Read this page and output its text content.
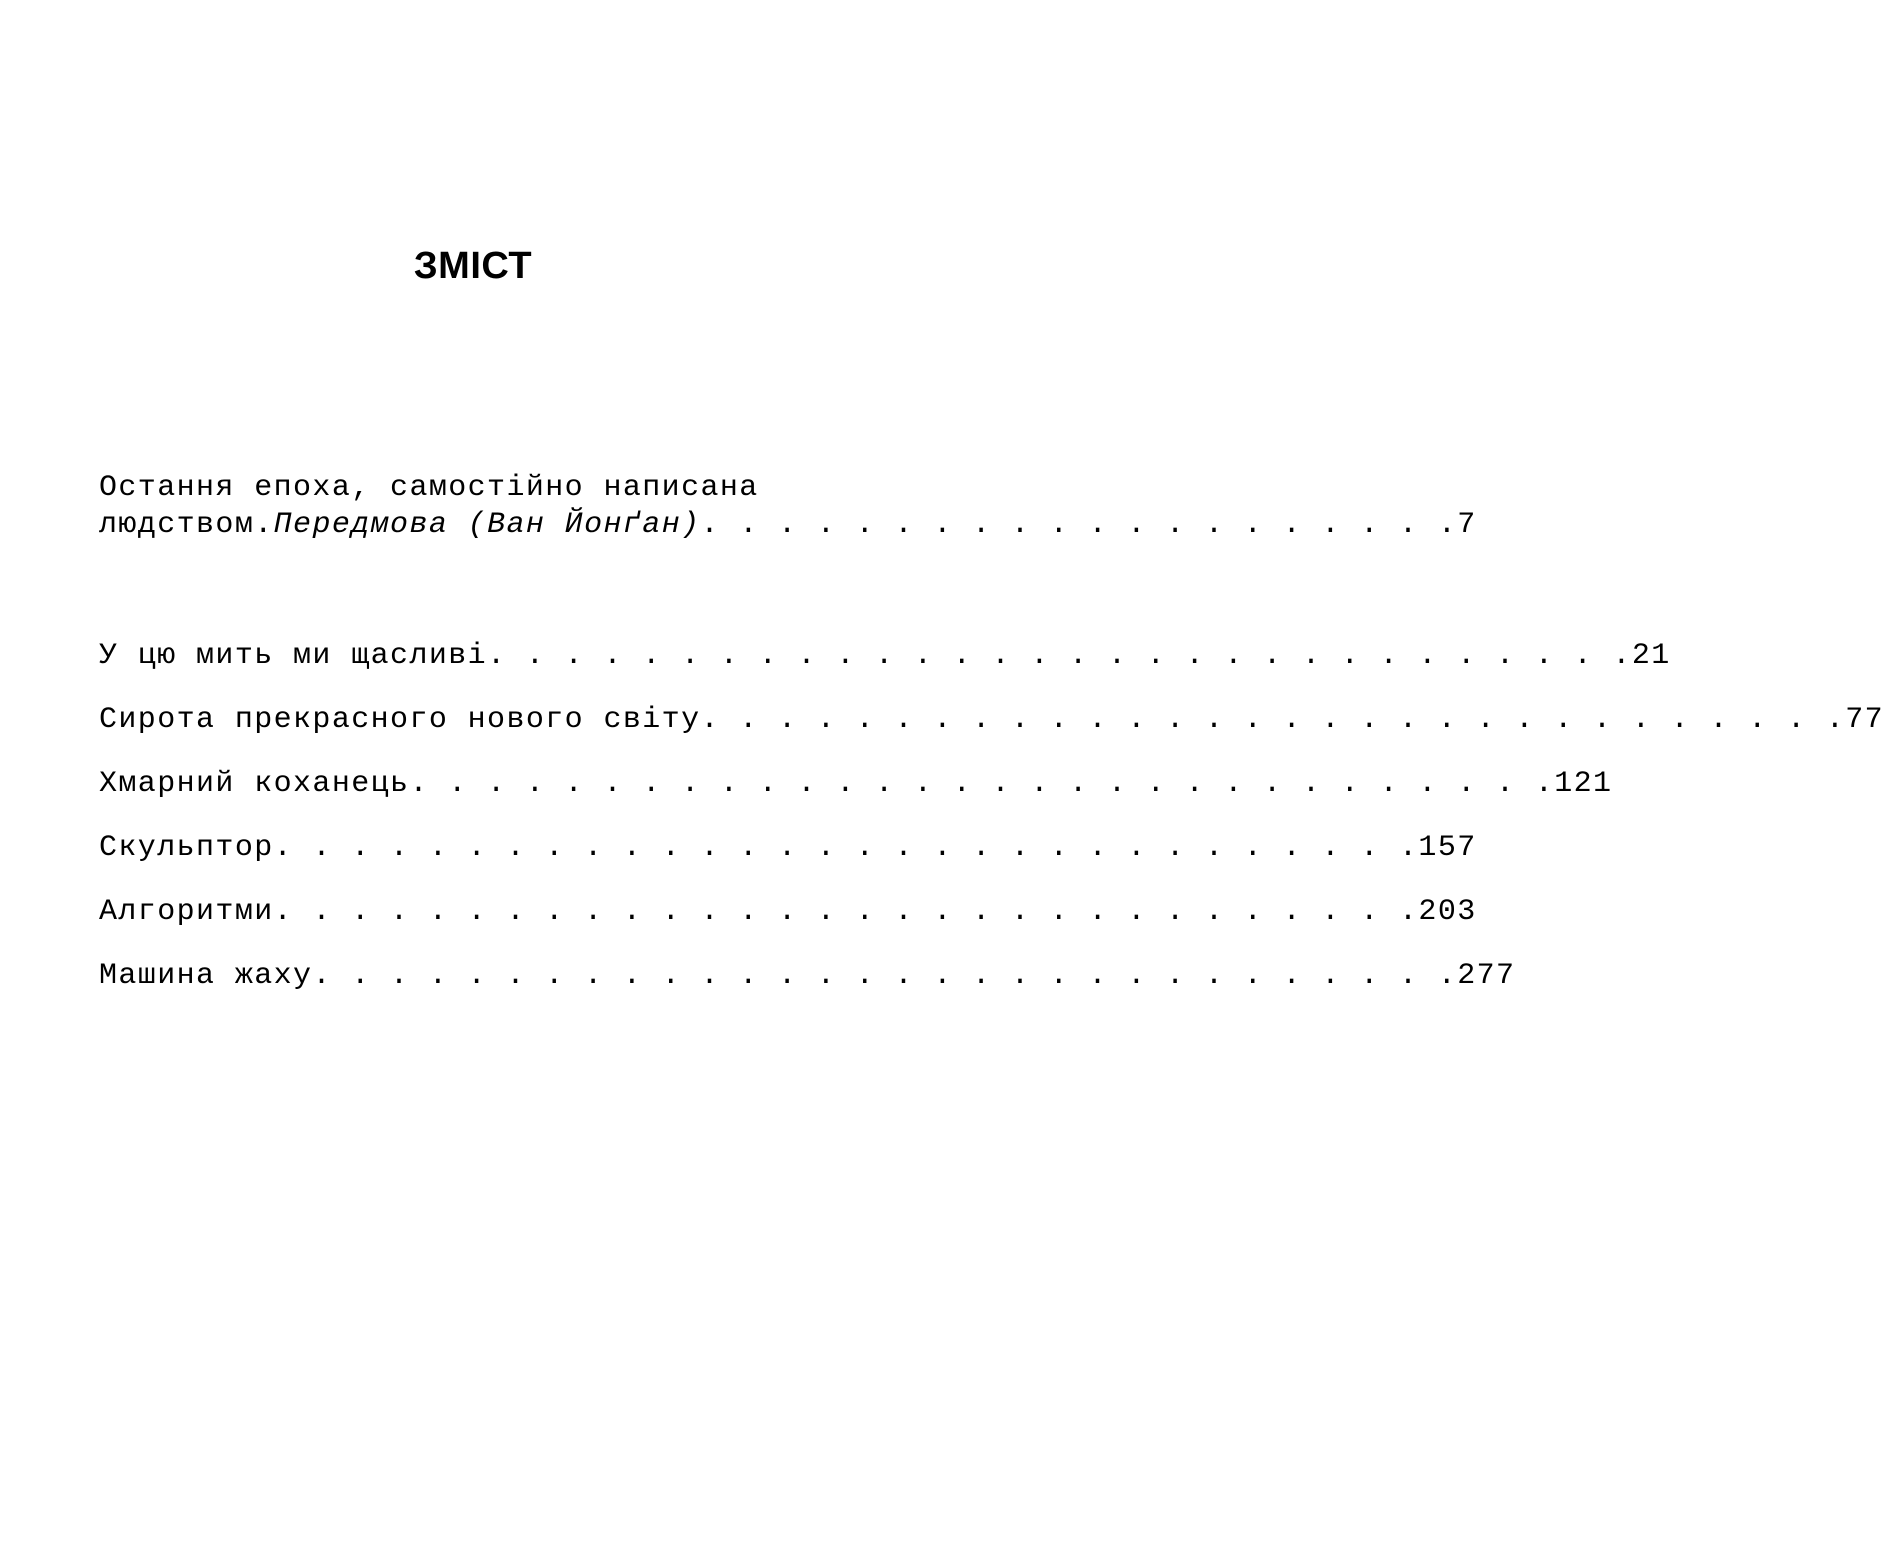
ЗМІСТ
Остання епоха, самостійно написана
людством. Передмова (Ван Йонґан) . . . . . . . . . . . . . . . . . . . . 7
У цю мить ми щасливі . . . . . . . . . . . . . . . . . . . . . . . . . . . . . . 21
Сирота прекрасного нового світу . . . . . . . . . . . . . . . . . . . . . . . . . . . . . . 77
Хмарний коханець . . . . . . . . . . . . . . . . . . . . . . . . . . . . . . 121
Скульптор . . . . . . . . . . . . . . . . . . . . . . . . . . . . . . 157
Алгоритми . . . . . . . . . . . . . . . . . . . . . . . . . . . . . . 203
Машина жаху . . . . . . . . . . . . . . . . . . . . . . . . . . . . . . 277
